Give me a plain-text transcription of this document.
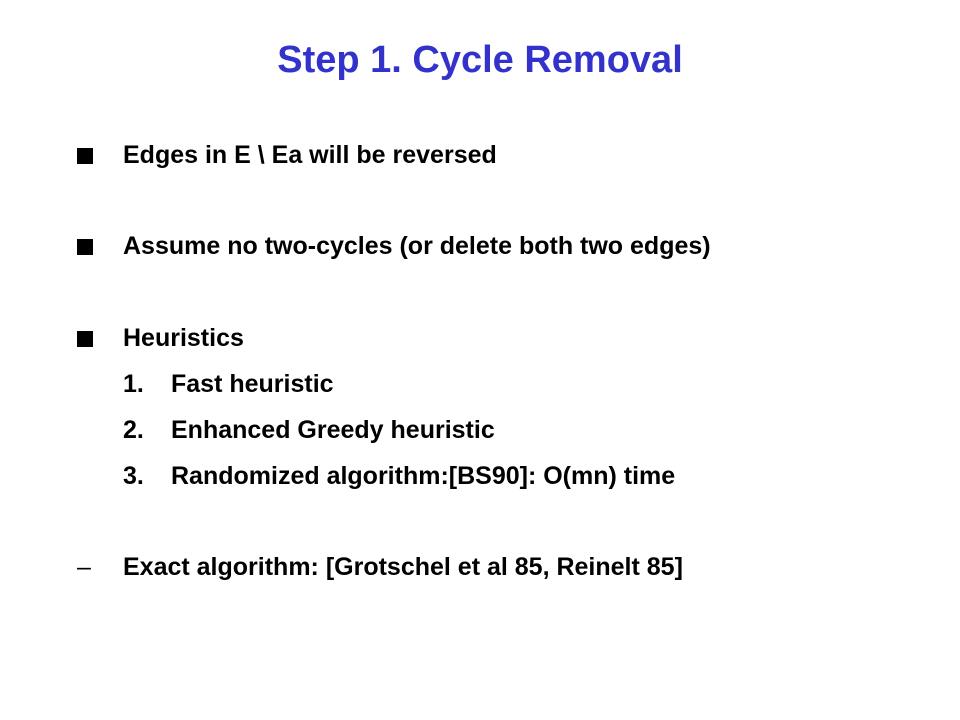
Step 1. Cycle Removal
Edges in E \ Ea will be reversed
Assume no two-cycles (or delete both two edges)
Heuristics
1. Fast heuristic
2. Enhanced Greedy heuristic
3. Randomized algorithm:[BS90]: O(mn) time
– Exact algorithm: [Grotschel et al 85, Reinelt 85]
